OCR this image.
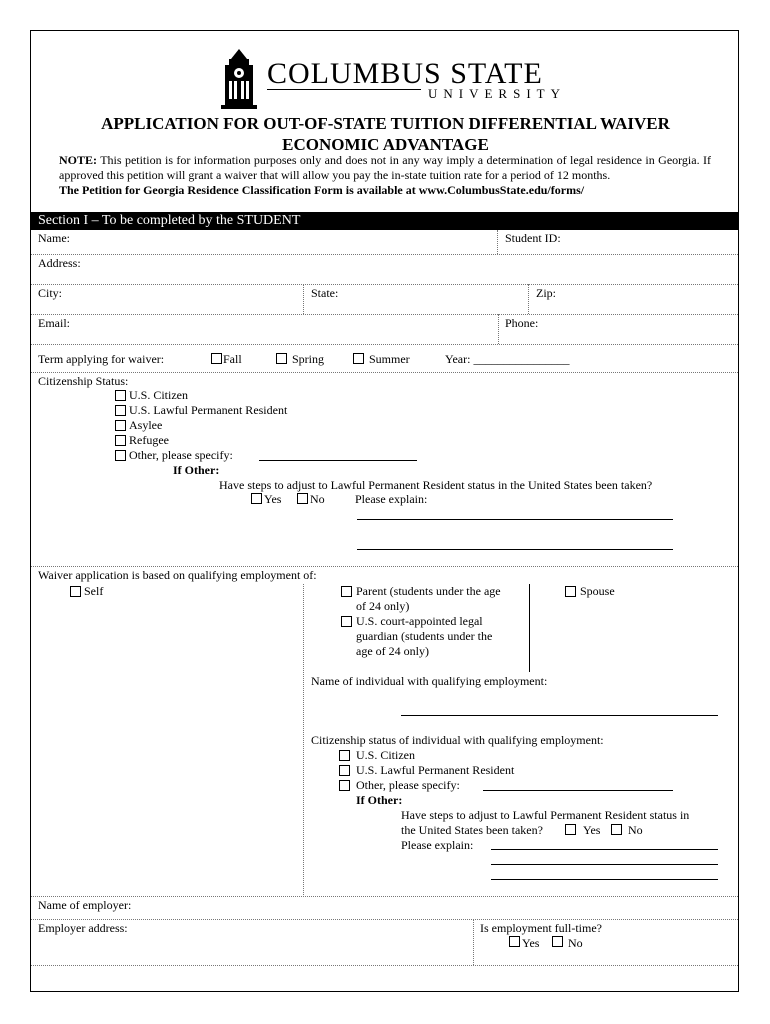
COLUMBUS STATE
UNIVERSITY
APPLICATION FOR OUT-OF-STATE TUITION DIFFERENTIAL WAIVER
ECONOMIC ADVANTAGE
NOTE: This petition is for information purposes only and does not in any way imply a determination of legal residence in Georgia. If approved this petition will grant a waiver that will allow you pay the in-state tuition rate for a period of 12 months.
The Petition for Georgia Residence Classification Form is available at www.ColumbusState.edu/forms/
Section I – To be completed by the STUDENT
Name:	Student ID:
Address:
City:	State:	Zip:
Email:	Phone:
Term applying for waiver:	Fall	Spring	Summer	Year: ________________
Citizenship Status:
U.S. Citizen
U.S. Lawful Permanent Resident
Asylee
Refugee
Other, please specify:
If Other:
Have steps to adjust to Lawful Permanent Resident status in the United States been taken?
Yes No	Please explain:
Waiver application is based on qualifying employment of:
Self	Parent (students under the age
of 24 only)
U.S. court-appointed legal
guardian (students under the
age of 24 only)
Spouse
Name of individual with qualifying employment:
Citizenship status of individual with qualifying employment:
U.S. Citizen
U.S. Lawful Permanent Resident
Other, please specify:
If Other:
Have steps to adjust to Lawful Permanent Resident status in
the United States been taken?	Yes No
Please explain:
Name of employer:
Employer address:	Is employment full-time?
Yes No
